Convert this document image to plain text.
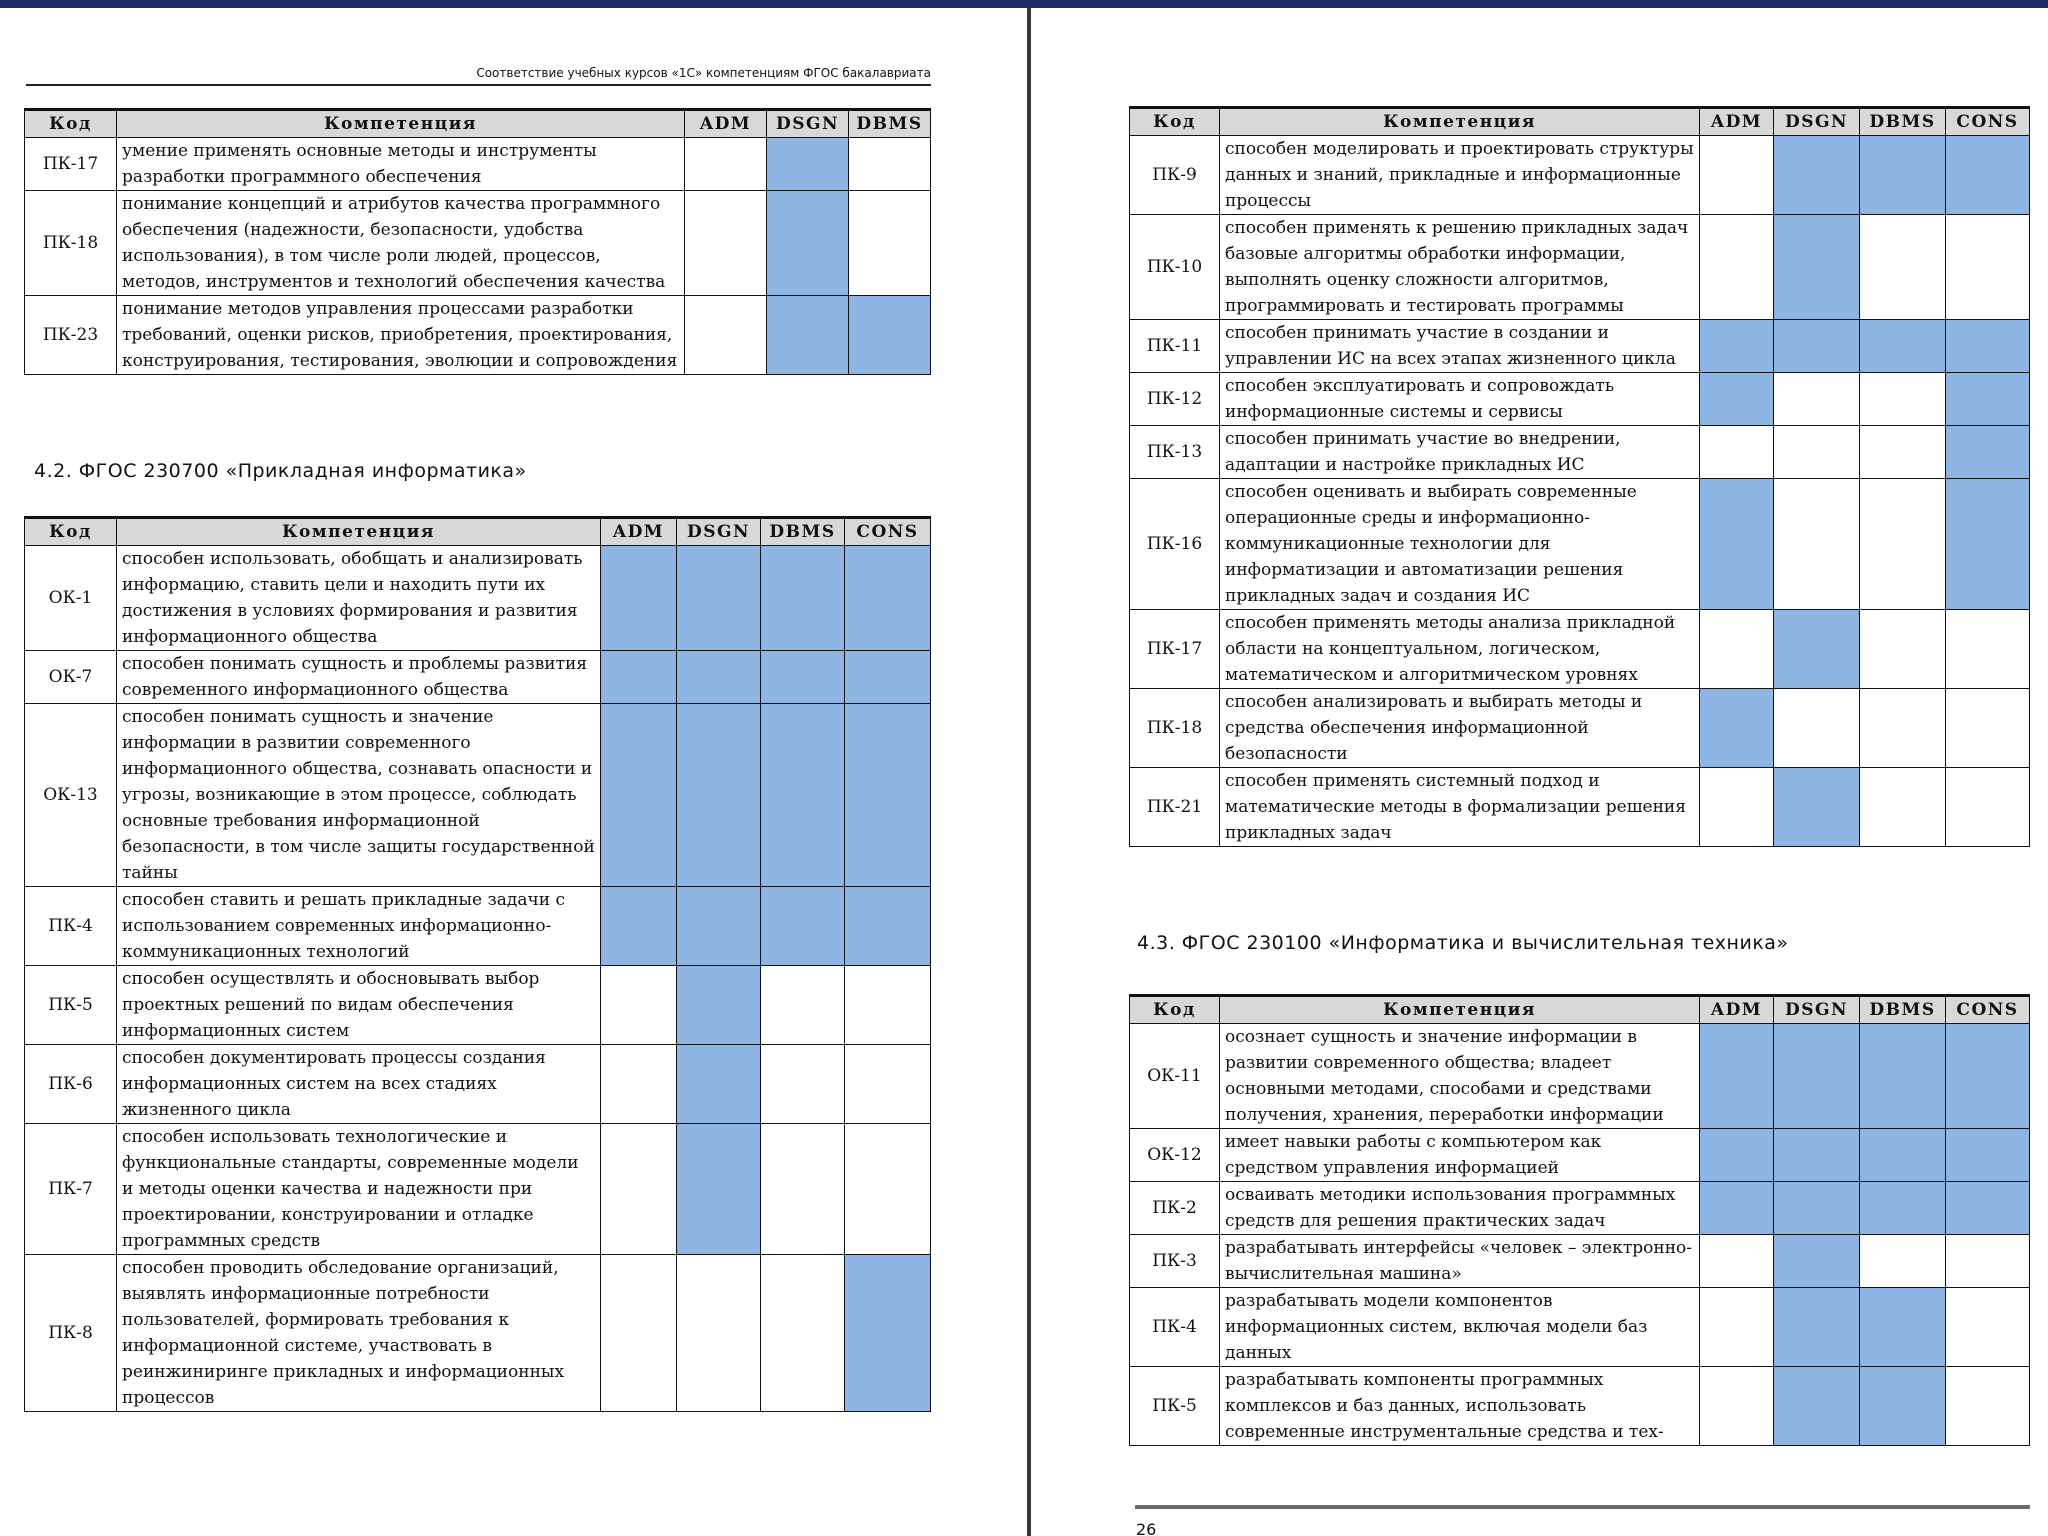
Соответствие учебных курсов «1С» компетенциям ФГОС бакалавриата
Код	Компетенция	ADM	DSGN	DBMS
ПК-17	умение применять основные методы и инструменты разработки программного обеспечения			
ПК-18	понимание концепций и атрибутов качества программного обеспечения (надежности, безопасности, удобства использования), в том числе роли людей, процессов, методов, инструментов и технологий обеспечения качества			
ПК-23	понимание методов управления процессами разработки требований, оценки рисков, приобретения, проектирования, конструирования, тестирования, эволюции и сопровождения			
4.2. ФГОС 230700 «Прикладная информатика»
Код	Компетенция	ADM	DSGN	DBMS	CONS
ОК-1	способен использовать, обобщать и анализировать информацию, ставить цели и находить пути их достижения в условиях формирования и развития информационного общества				
ОК-7	способен понимать сущность и проблемы развития современного информационного общества				
ОК-13	способен понимать сущность и значение информации в развитии современного информационного общества, сознавать опасности и угрозы, возникающие в этом процессе, соблюдать основные требования информационной безопасности, в том числе защиты государственной тайны				
ПК-4	способен ставить и решать прикладные задачи с использованием современных информационно-коммуникационных технологий				
ПК-5	способен осуществлять и обосновывать выбор проектных решений по видам обеспечения информационных систем				
ПК-6	способен документировать процессы создания информационных систем на всех стадиях жизненного цикла				
ПК-7	способен использовать технологические и функциональные стандарты, современные модели и методы оценки качества и надежности при проектировании, конструировании и отладке программных средств				
ПК-8	способен проводить обследование организаций, выявлять информационные потребности пользователей, формировать требования к информационной системе, участвовать в реинжиниринге прикладных и информационных процессов				
Код	Компетенция	ADM	DSGN	DBMS	CONS
ПК-9	способен моделировать и проектировать структуры данных и знаний, прикладные и информационные процессы				
ПК-10	способен применять к решению прикладных задач базовые алгоритмы обработки информации, выполнять оценку сложности алгоритмов, программировать и тестировать программы				
ПК-11	способен принимать участие в создании и управлении ИС на всех этапах жизненного цикла				
ПК-12	способен эксплуатировать и сопровождать информационные системы и сервисы				
ПК-13	способен принимать участие во внедрении, адаптации и настройке прикладных ИС				
ПК-16	способен оценивать и выбирать современные операционные среды и информационно-коммуникационные технологии для информатизации и автоматизации решения прикладных задач и создания ИС				
ПК-17	способен применять методы анализа прикладной области на концептуальном, логическом, математическом и алгоритмическом уровнях				
ПК-18	способен анализировать и выбирать методы и средства обеспечения информационной безопасности				
ПК-21	способен применять системный подход и математические методы в формализации решения прикладных задач				
4.3. ФГОС 230100 «Информатика и вычислительная техника»
Код	Компетенция	ADM	DSGN	DBMS	CONS
ОК-11	осознает сущность и значение информации в развитии современного общества; владеет основными методами, способами и средствами получения, хранения, переработки информации				
ОК-12	имеет навыки работы с компьютером как средством управления информацией				
ПК-2	осваивать методики использования программных средств для решения практических задач				
ПК-3	разрабатывать интерфейсы «человек – электронно-вычислительная машина»				
ПК-4	разрабатывать модели компонентов информационных систем, включая модели баз данных				
ПК-5	разрабатывать компоненты программных комплексов и баз данных, использовать современные инструментальные средства и тех-				
26
